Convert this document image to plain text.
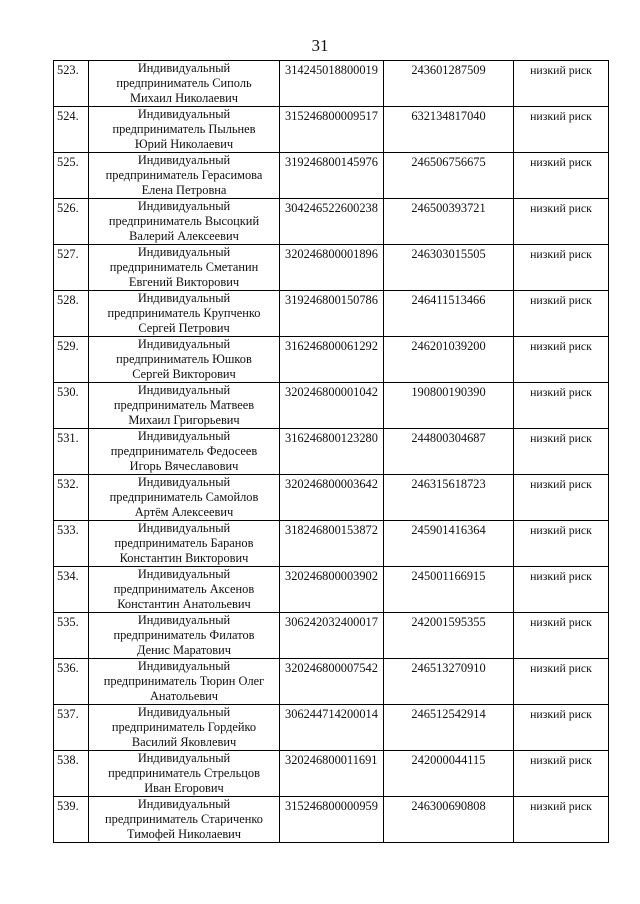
31
523.	Индивидуальный
предприниматель Сиполь
Михаил Николаевич	314245018800019	243601287509	низкий риск
524.	Индивидуальный
предприниматель Пыльнев
Юрий Николаевич	315246800009517	632134817040	низкий риск
525.	Индивидуальный
предприниматель Герасимова
Елена Петровна	319246800145976	246506756675	низкий риск
526.	Индивидуальный
предприниматель Высоцкий
Валерий Алексеевич	304246522600238	246500393721	низкий риск
527.	Индивидуальный
предприниматель Сметанин
Евгений Викторович	320246800001896	246303015505	низкий риск
528.	Индивидуальный
предприниматель Крупченко
Сергей Петрович	319246800150786	246411513466	низкий риск
529.	Индивидуальный
предприниматель Юшков
Сергей Викторович	316246800061292	246201039200	низкий риск
530.	Индивидуальный
предприниматель Матвеев
Михаил Григорьевич	320246800001042	190800190390	низкий риск
531.	Индивидуальный
предприниматель Федосеев
Игорь Вячеславович	316246800123280	244800304687	низкий риск
532.	Индивидуальный
предприниматель Самойлов
Артём Алексеевич	320246800003642	246315618723	низкий риск
533.	Индивидуальный
предприниматель Баранов
Константин Викторович	318246800153872	245901416364	низкий риск
534.	Индивидуальный
предприниматель Аксенов
Константин Анатольевич	320246800003902	245001166915	низкий риск
535.	Индивидуальный
предприниматель Филатов
Денис Маратович	306242032400017	242001595355	низкий риск
536.	Индивидуальный
предприниматель Тюрин Олег
Анатольевич	320246800007542	246513270910	низкий риск
537.	Индивидуальный
предприниматель Гордейко
Василий Яковлевич	306244714200014	246512542914	низкий риск
538.	Индивидуальный
предприниматель Стрельцов
Иван Егорович	320246800011691	242000044115	низкий риск
539.	Индивидуальный
предприниматель Стариченко
Тимофей Николаевич	315246800000959	246300690808	низкий риск
